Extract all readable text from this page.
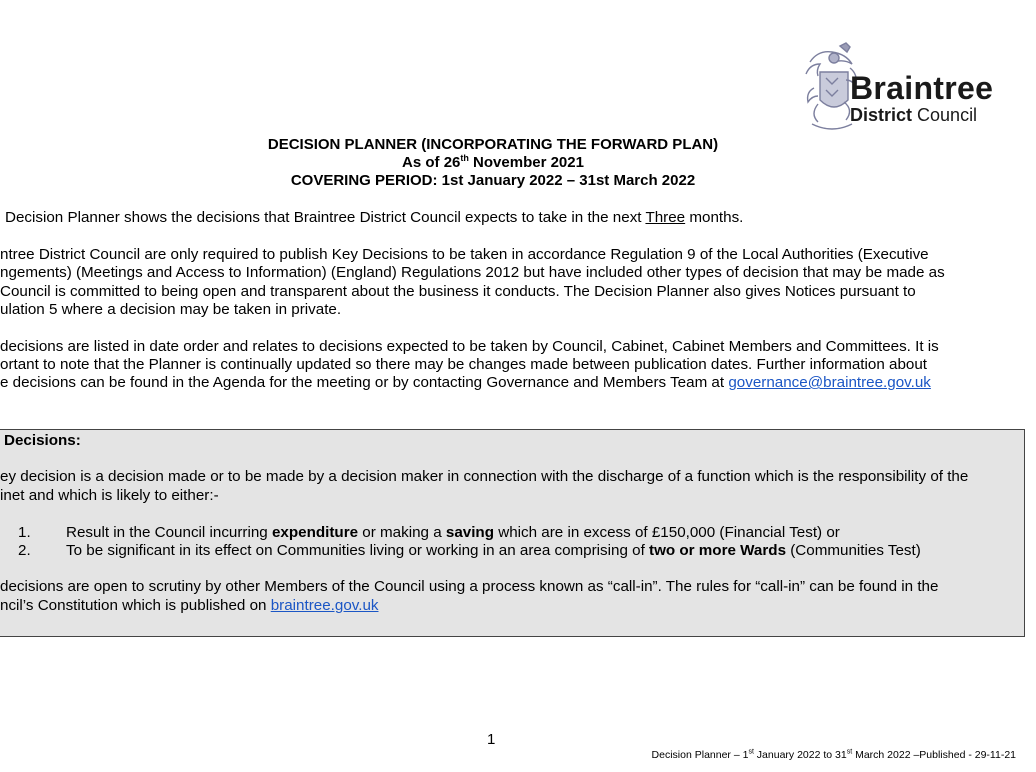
Braintree
District Council
DECISION PLANNER (INCORPORATING THE FORWARD PLAN)
As of 26th November 2021
COVERING PERIOD: 1st January 2022 – 31st March 2022
Decision Planner shows the decisions that Braintree District Council expects to take in the next Three months.
ntree District Council are only required to publish Key Decisions to be taken in accordance Regulation 9 of the Local Authorities (Executive
ngements) (Meetings and Access to Information) (England) Regulations 2012 but have included other types of decision that may be made as
Council is committed to being open and transparent about the business it conducts. The Decision Planner also gives Notices pursuant to
ulation 5 where a decision may be taken in private.
decisions are listed in date order and relates to decisions expected to be taken by Council, Cabinet, Cabinet Members and Committees. It is
ortant to note that the Planner is continually updated so there may be changes made between publication dates. Further information about
e decisions can be found in the Agenda for the meeting or by contacting Governance and Members Team at governance@braintree.gov.uk
Decisions:
ey decision is a decision made or to be made by a decision maker in connection with the discharge of a function which is the responsibility of the
inet and which is likely to either:-
1. Result in the Council incurring expenditure or making a saving which are in excess of £150,000 (Financial Test) or
2. To be significant in its effect on Communities living or working in an area comprising of two or more Wards (Communities Test)
decisions are open to scrutiny by other Members of the Council using a process known as “call-in”. The rules for “call-in” can be found in the
ncil’s Constitution which is published on braintree.gov.uk
1
Decision Planner – 1st January 2022 to 31st March 2022 –Published - 29-11-21
